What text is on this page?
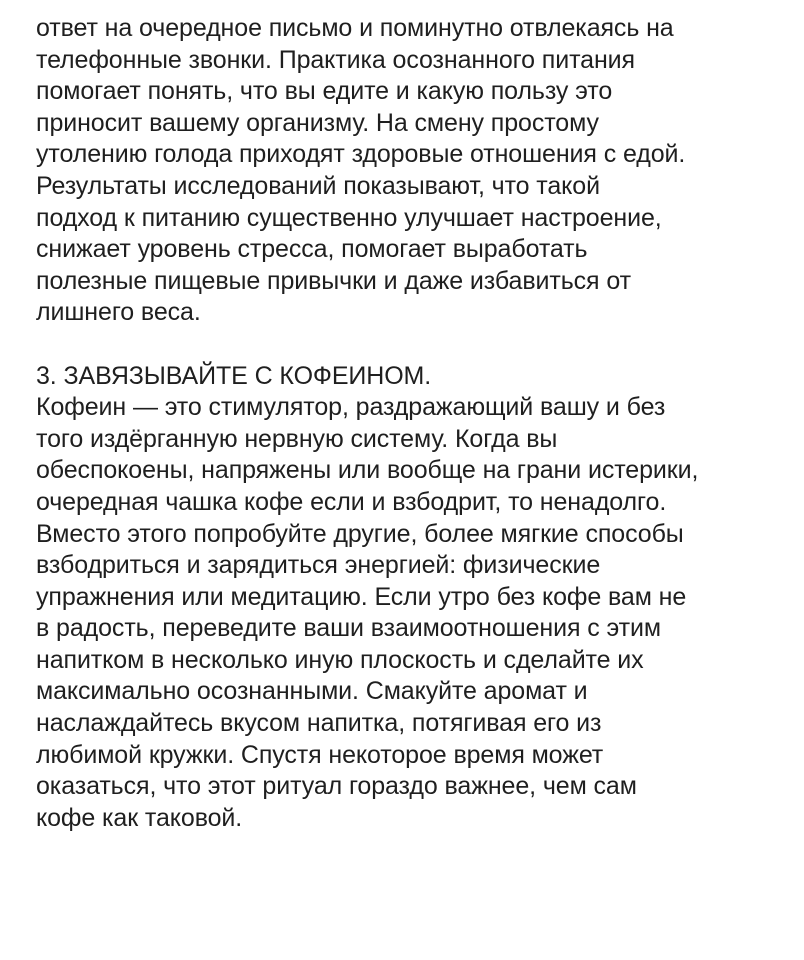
ответ на очередное письмо и поминутно отвлекаясь на
телефонные звонки. Практика осознанного питания
помогает понять, что вы едите и какую пользу это
приносит вашему организму. На смену простому
утолению голода приходят здоровые отношения с едой.
Результаты исследований показывают, что такой
подход к питанию существенно улучшает настроение,
снижает уровень стресса, помогает выработать
полезные пищевые привычки и даже избавиться от
лишнего веса.
3. ЗАВЯЗЫВАЙТЕ С КОФЕИНОМ.
Кофеин — это стимулятор, раздражающий вашу и без
того издёрганную нервную систему. Когда вы
обеспокоены, напряжены или вообще на грани истерики,
очередная чашка кофе если и взбодрит, то ненадолго.
Вместо этого попробуйте другие, более мягкие способы
взбодриться и зарядиться энергией: физические
упражнения или медитацию. Если утро без кофе вам не
в радость, переведите ваши взаимоотношения с этим
напитком в несколько иную плоскость и сделайте их
максимально осознанными. Смакуйте аромат и
наслаждайтесь вкусом напитка, потягивая его из
любимой кружки. Спустя некоторое время может
оказаться, что этот ритуал гораздо важнее, чем сам
кофе как таковой.
